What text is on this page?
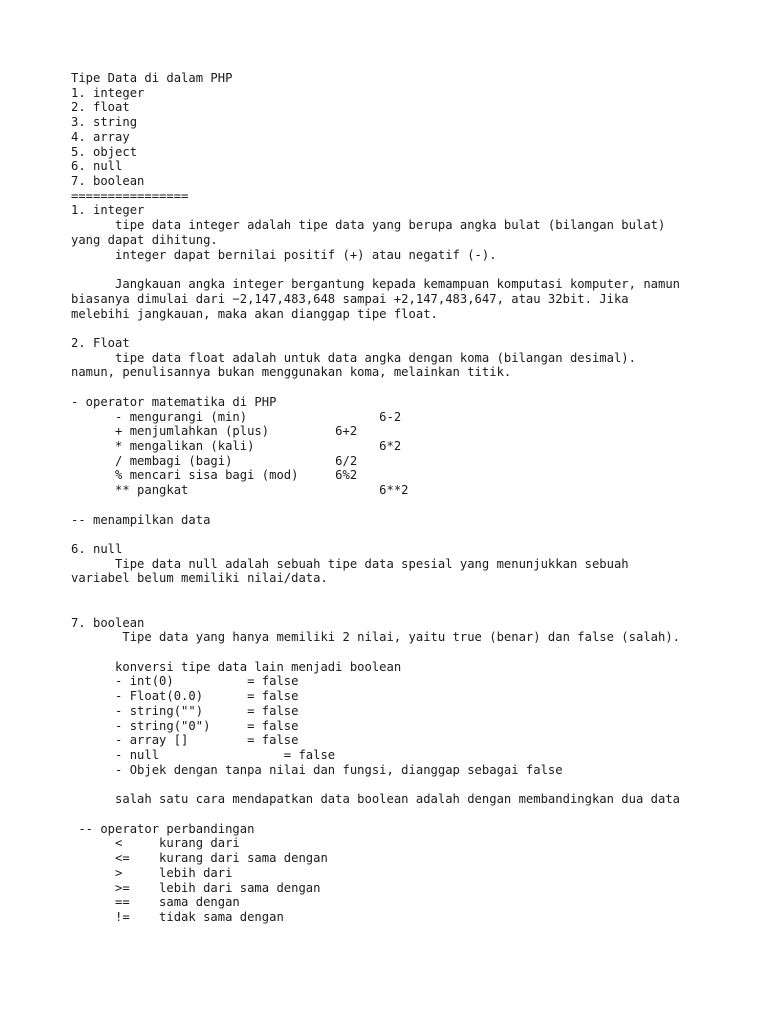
Tipe Data di dalam PHP
1. integer
2. float
3. string
4. array
5. object
6. null
7. boolean
================
1. integer
tipe data integer adalah tipe data yang berupa angka bulat (bilangan bulat)
yang dapat dihitung.
integer dapat bernilai positif (+) atau negatif (-).
Jangkauan angka integer bergantung kepada kemampuan komputasi komputer, namun
biasanya dimulai dari −2,147,483,648 sampai +2,147,483,647, atau 32bit. Jika
melebihi jangkauan, maka akan dianggap tipe float.
2. Float
tipe data float adalah untuk data angka dengan koma (bilangan desimal).
namun, penulisannya bukan menggunakan koma, melainkan titik.
- operator matematika di PHP
- mengurangi (min)                  6-2
+ menjumlahkan (plus)         6+2
* mengalikan (kali)                 6*2
/ membagi (bagi)              6/2
% mencari sisa bagi (mod)     6%2
** pangkat                          6**2
-- menampilkan data
6. null
Tipe data null adalah sebuah tipe data spesial yang menunjukkan sebuah
variabel belum memiliki nilai/data.
7. boolean
Tipe data yang hanya memiliki 2 nilai, yaitu true (benar) dan false (salah).
konversi tipe data lain menjadi boolean
- int(0)          = false
- Float(0.0)      = false
- string("")      = false
- string("0")     = false
- array []        = false
- null                 = false
- Objek dengan tanpa nilai dan fungsi, dianggap sebagai false
salah satu cara mendapatkan data boolean adalah dengan membandingkan dua data
-- operator perbandingan
<     kurang dari
<=    kurang dari sama dengan
>     lebih dari
>=    lebih dari sama dengan
==    sama dengan
!=    tidak sama dengan
